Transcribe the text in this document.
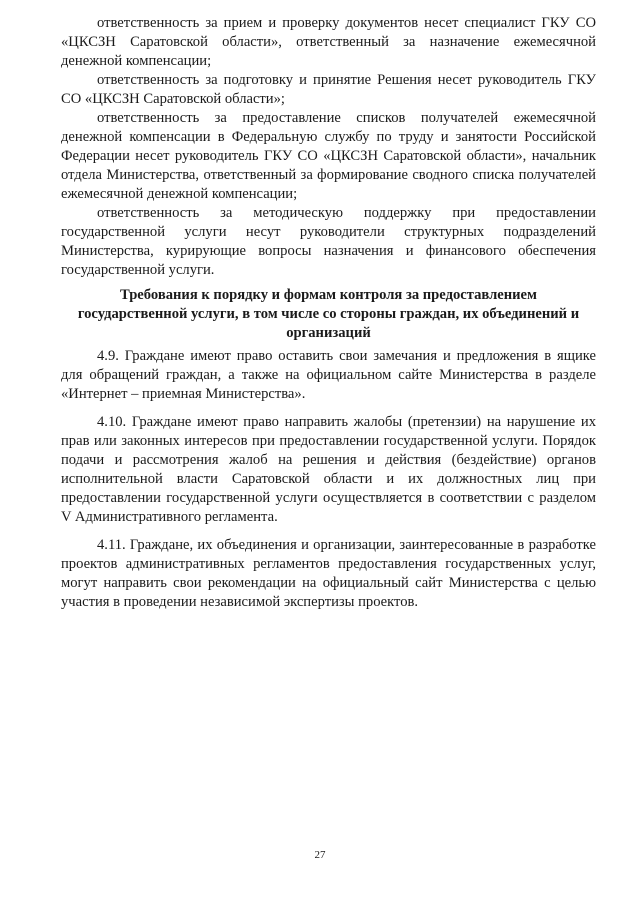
ответственность за прием и проверку документов несет специалист ГКУ СО «ЦКСЗН Саратовской области», ответственный за назначение ежемесячной денежной компенсации;

ответственность за подготовку и принятие Решения несет руководитель ГКУ СО «ЦКСЗН Саратовской области»;

ответственность за предоставление списков получателей ежемесячной денежной компенсации в Федеральную службу по труду и занятости Российской Федерации несет руководитель ГКУ СО «ЦКСЗН Саратовской области», начальник отдела Министерства, ответственный за формирование сводного списка получателей ежемесячной денежной компенсации;

ответственность за методическую поддержку при предоставлении государственной услуги несут руководители структурных подразделений Министерства, курирующие вопросы назначения и финансового обеспечения государственной услуги.

Требования к порядку и формам контроля за предоставлением государственной услуги, в том числе со стороны граждан, их объединений и организаций

4.9. Граждане имеют право оставить свои замечания и предложения в ящике для обращений граждан, а также на официальном сайте Министерства в разделе «Интернет – приемная Министерства».

4.10. Граждане имеют право направить жалобы (претензии) на нарушение их прав или законных интересов при предоставлении государственной услуги. Порядок подачи и рассмотрения жалоб на решения и действия (бездействие) органов исполнительной власти Саратовской области и их должностных лиц при предоставлении государственной услуги осуществляется в соответствии с разделом V Административного регламента.

4.11. Граждане, их объединения и организации, заинтересованные в разработке проектов административных регламентов предоставления государственных услуг, могут направить свои рекомендации на официальный сайт Министерства с целью участия в проведении независимой экспертизы проектов.

27
